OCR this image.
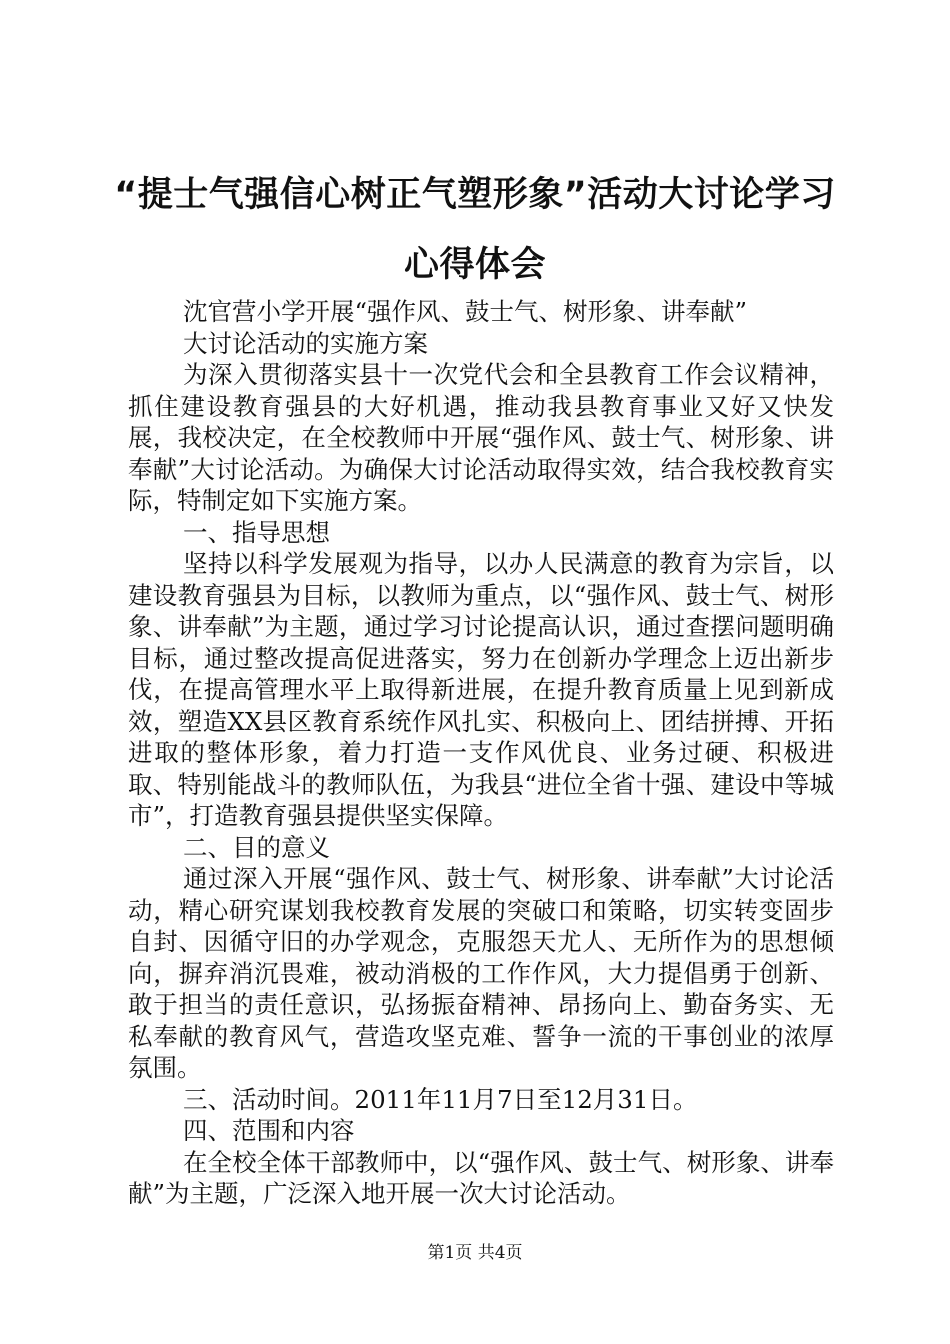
“提士气强信心树正气塑形象”活动大讨论学习心得体会

沈官营小学开展“强作风、鼓士气、树形象、讲奉献”

大讨论活动的实施方案

为深入贯彻落实县十一次党代会和全县教育工作会议精神，抓住建设教育强县的大好机遇，推动我县教育事业又好又快发展，我校决定，在全校教师中开展“强作风、鼓士气、树形象、讲奉献”大讨论活动。为确保大讨论活动取得实效，结合我校教育实际，特制定如下实施方案。

一、指导思想

坚持以科学发展观为指导，以办人民满意的教育为宗旨，以建设教育强县为目标，以教师为重点，以“强作风、鼓士气、树形象、讲奉献”为主题，通过学习讨论提高认识，通过查摆问题明确目标，通过整改提高促进落实，努力在创新办学理念上迈出新步伐，在提高管理水平上取得新进展，在提升教育质量上见到新成效，塑造XX县区教育系统作风扎实、积极向上、团结拼搏、开拓进取的整体形象，着力打造一支作风优良、业务过硬、积极进取、特别能战斗的教师队伍，为我县“进位全省十强、建设中等城市”，打造教育强县提供坚实保障。

二、目的意义

通过深入开展“强作风、鼓士气、树形象、讲奉献”大讨论活动，精心研究谋划我校教育发展的突破口和策略，切实转变固步自封、因循守旧的办学观念，克服怨天尤人、无所作为的思想倾向，摒弃消沉畏难，被动消极的工作作风，大力提倡勇于创新、敢于担当的责任意识，弘扬振奋精神、昂扬向上、勤奋务实、无私奉献的教育风气，营造攻坚克难、誓争一流的干事创业的浓厚氛围。

三、活动时间。2011年11月7日至12月31日。

四、范围和内容

在全校全体干部教师中，以“强作风、鼓士气、树形象、讲奉献”为主题，广泛深入地开展一次大讨论活动。

第1页 共4页
